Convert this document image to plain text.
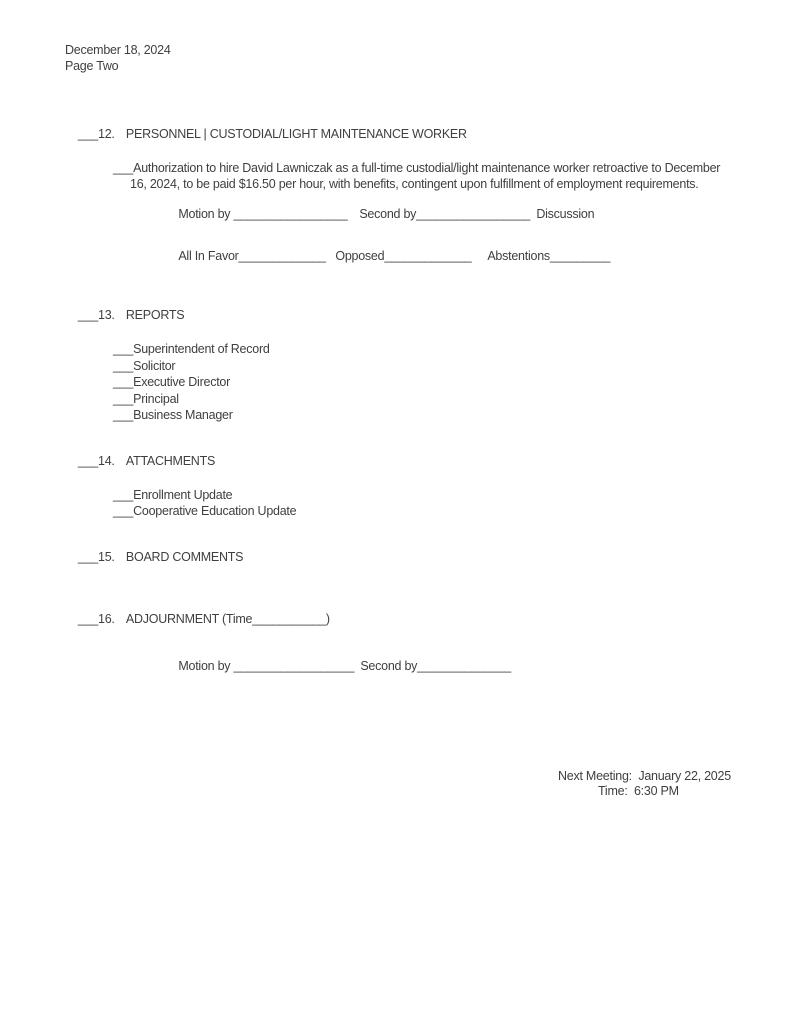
December 18, 2024
Page Two

___12. PERSONNEL | CUSTODIAL/LIGHT MAINTENANCE WORKER

___Authorization to hire David Lawniczak as a full-time custodial/light maintenance worker retroactive to December
16, 2024, to be paid $16.50 per hour, with benefits, contingent upon fulfillment of employment requirements.

Motion by _________________ Second by_________________ Discussion

All In Favor_____________ Opposed_____________ Abstentions_________

___13. REPORTS

___Superintendent of Record
___Solicitor
___Executive Director
___Principal
___Business Manager

___14. ATTACHMENTS

___Enrollment Update
___Cooperative Education Update

___15. BOARD COMMENTS

___16. ADJOURNMENT (Time___________)

Motion by __________________ Second by______________

Next Meeting:  January 22, 2025
Time:  6:30 PM
